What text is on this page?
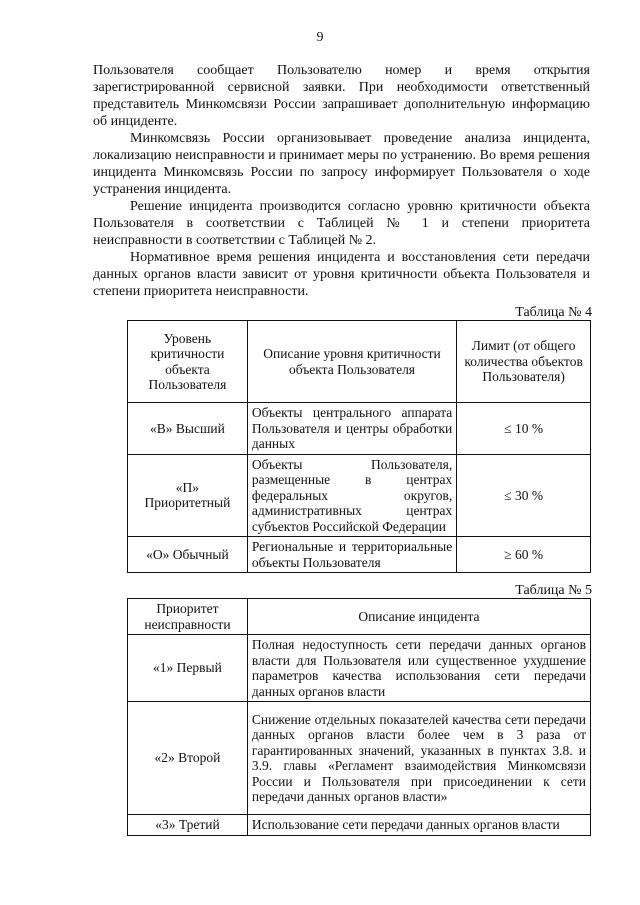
9

Пользователя сообщает Пользователю номер и время открытия зарегистрированной сервисной заявки. При необходимости ответственный представитель Минкомсвязи России запрашивает дополнительную информацию об инциденте.

Минкомсвязь России организовывает проведение анализа инцидента, локализацию неисправности и принимает меры по устранению. Во время решения инцидента Минкомсвязь России по запросу информирует Пользователя о ходе устранения инцидента.

Решение инцидента производится согласно уровню критичности объекта Пользователя в соответствии с Таблицей № 1 и степени приоритета неисправности в соответствии с Таблицей № 2.

Нормативное время решения инцидента и восстановления сети передачи данных органов власти зависит от уровня критичности объекта Пользователя и степени приоритета неисправности.

Таблица № 4
Уровень критичности объекта Пользователя	Описание уровня критичности объекта Пользователя	Лимит (от общего количества объектов Пользователя)
«В» Высший	Объекты центрального аппарата Пользователя и центры обработки данных	≤ 10 %
«П» Приоритетный	Объекты Пользователя, размещенные в центрах федеральных округов, административных центрах субъектов Российской Федерации	≤ 30 %
«О» Обычный	Региональные и территориальные объекты Пользователя	≥ 60 %
Таблица № 5
Приоритет неисправности	Описание инцидента
«1» Первый	Полная недоступность сети передачи данных органов власти для Пользователя или существенное ухудшение параметров качества использования сети передачи данных органов власти
«2» Второй	Снижение отдельных показателей качества сети передачи данных органов власти более чем в 3 раза от гарантированных значений, указанных в пунктах 3.8. и 3.9. главы «Регламент взаимодействия Минкомсвязи России и Пользователя при присоединении к сети передачи данных органов власти»
«3» Третий	Использование сети передачи данных органов власти
